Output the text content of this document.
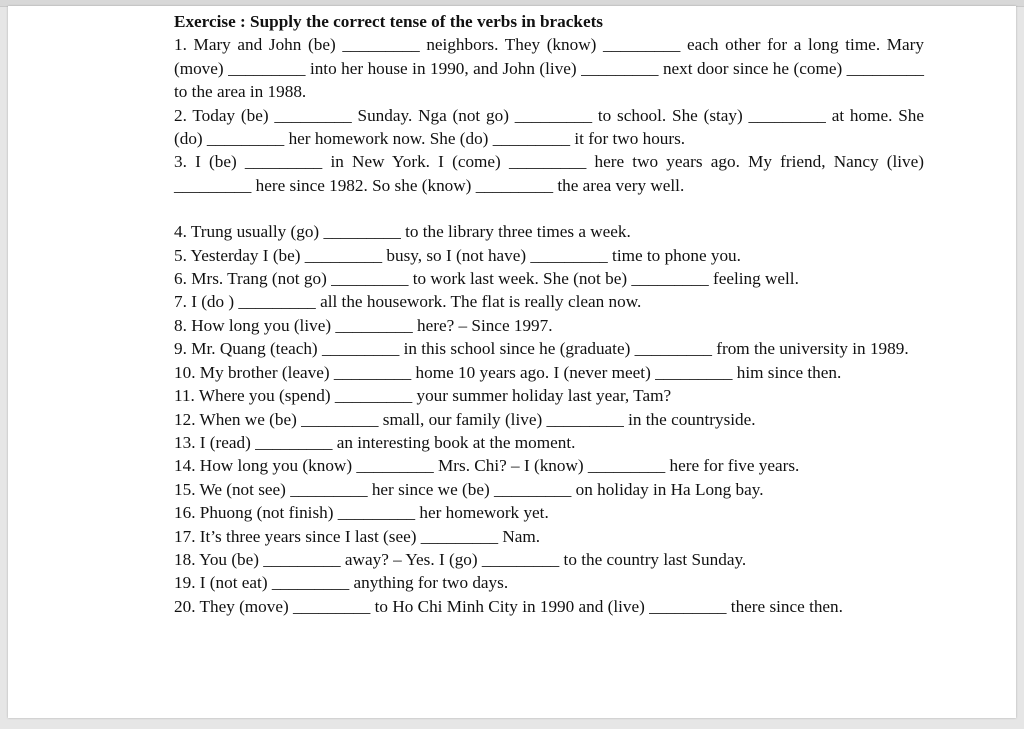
Exercise : Supply the correct tense of the verbs in brackets

1. Mary and John (be) _________ neighbors. They (know) _________ each other for a long time. Mary (move) _________ into her house in 1990, and John (live) _________ next door since he (come) _________ to the area in 1988.

2. Today (be) _________ Sunday. Nga (not go) _________ to school. She (stay) _________ at home. She (do) _________ her homework now. She (do) _________ it for two hours.

3. I (be) _________ in New York. I (come) _________ here two years ago. My friend, Nancy (live) _________ here since 1982. So she (know) _________ the area very well.

4. Trung usually (go) _________ to the library three times a week.

5. Yesterday I (be) _________ busy, so I (not have) _________ time to phone you.

6. Mrs. Trang (not go) _________ to work last week. She (not be) _________ feeling well.

7. I (do ) _________ all the housework. The flat is really clean now.

8. How long you (live) _________ here? – Since 1997.

9. Mr. Quang (teach) _________ in this school since he (graduate) _________ from the university in 1989.

10. My brother (leave) _________ home 10 years ago. I (never meet) _________ him since then.

11. Where you (spend) _________ your summer holiday last year, Tam?

12. When we (be) _________ small, our family (live) _________ in the countryside.

13. I (read) _________ an interesting book at the moment.

14. How long you (know) _________ Mrs. Chi? – I (know) _________ here for five years.

15. We (not see) _________ her since we (be) _________ on holiday in Ha Long bay.

16. Phuong (not finish) _________ her homework yet.

17. It’s three years since I last (see) _________ Nam.

18. You (be) _________ away? – Yes. I (go) _________ to the country last Sunday.

19. I (not eat) _________ anything for two days.

20. They (move) _________ to Ho Chi Minh City in 1990 and (live) _________ there since then.
